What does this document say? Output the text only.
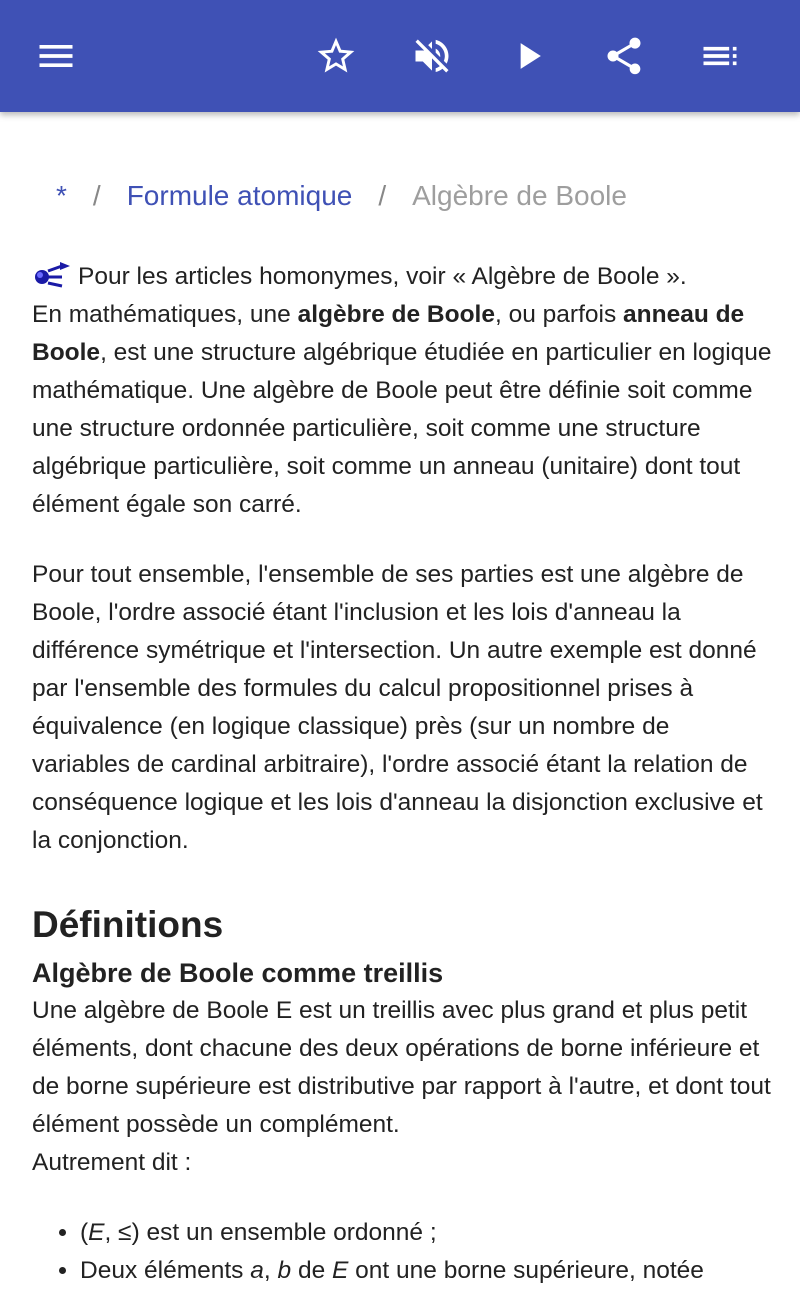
* / Formule atomique / Algèbre de Boole
Pour les articles homonymes, voir « Algèbre de Boole ».

En mathématiques, une algèbre de Boole, ou parfois anneau de Boole, est une structure algébrique étudiée en particulier en logique mathématique. Une algèbre de Boole peut être définie soit comme une structure ordonnée particulière, soit comme une structure algébrique particulière, soit comme un anneau (unitaire) dont tout élément égale son carré.

Pour tout ensemble, l'ensemble de ses parties est une algèbre de Boole, l'ordre associé étant l'inclusion et les lois d'anneau la différence symétrique et l'intersection. Un autre exemple est donné par l'ensemble des formules du calcul propositionnel prises à équivalence (en logique classique) près (sur un nombre de variables de cardinal arbitraire), l'ordre associé étant la relation de conséquence logique et les lois d'anneau la disjonction exclusive et la conjonction.

Définitions
Algèbre de Boole comme treillis

Une algèbre de Boole E est un treillis avec plus grand et plus petit éléments, dont chacune des deux opérations de borne inférieure et de borne supérieure est distributive par rapport à l'autre, et dont tout élément possède un complément.

Autrement dit :

• (E, ≤) est un ensemble ordonné ;
• Deux éléments a, b de E ont une borne supérieure, notée
